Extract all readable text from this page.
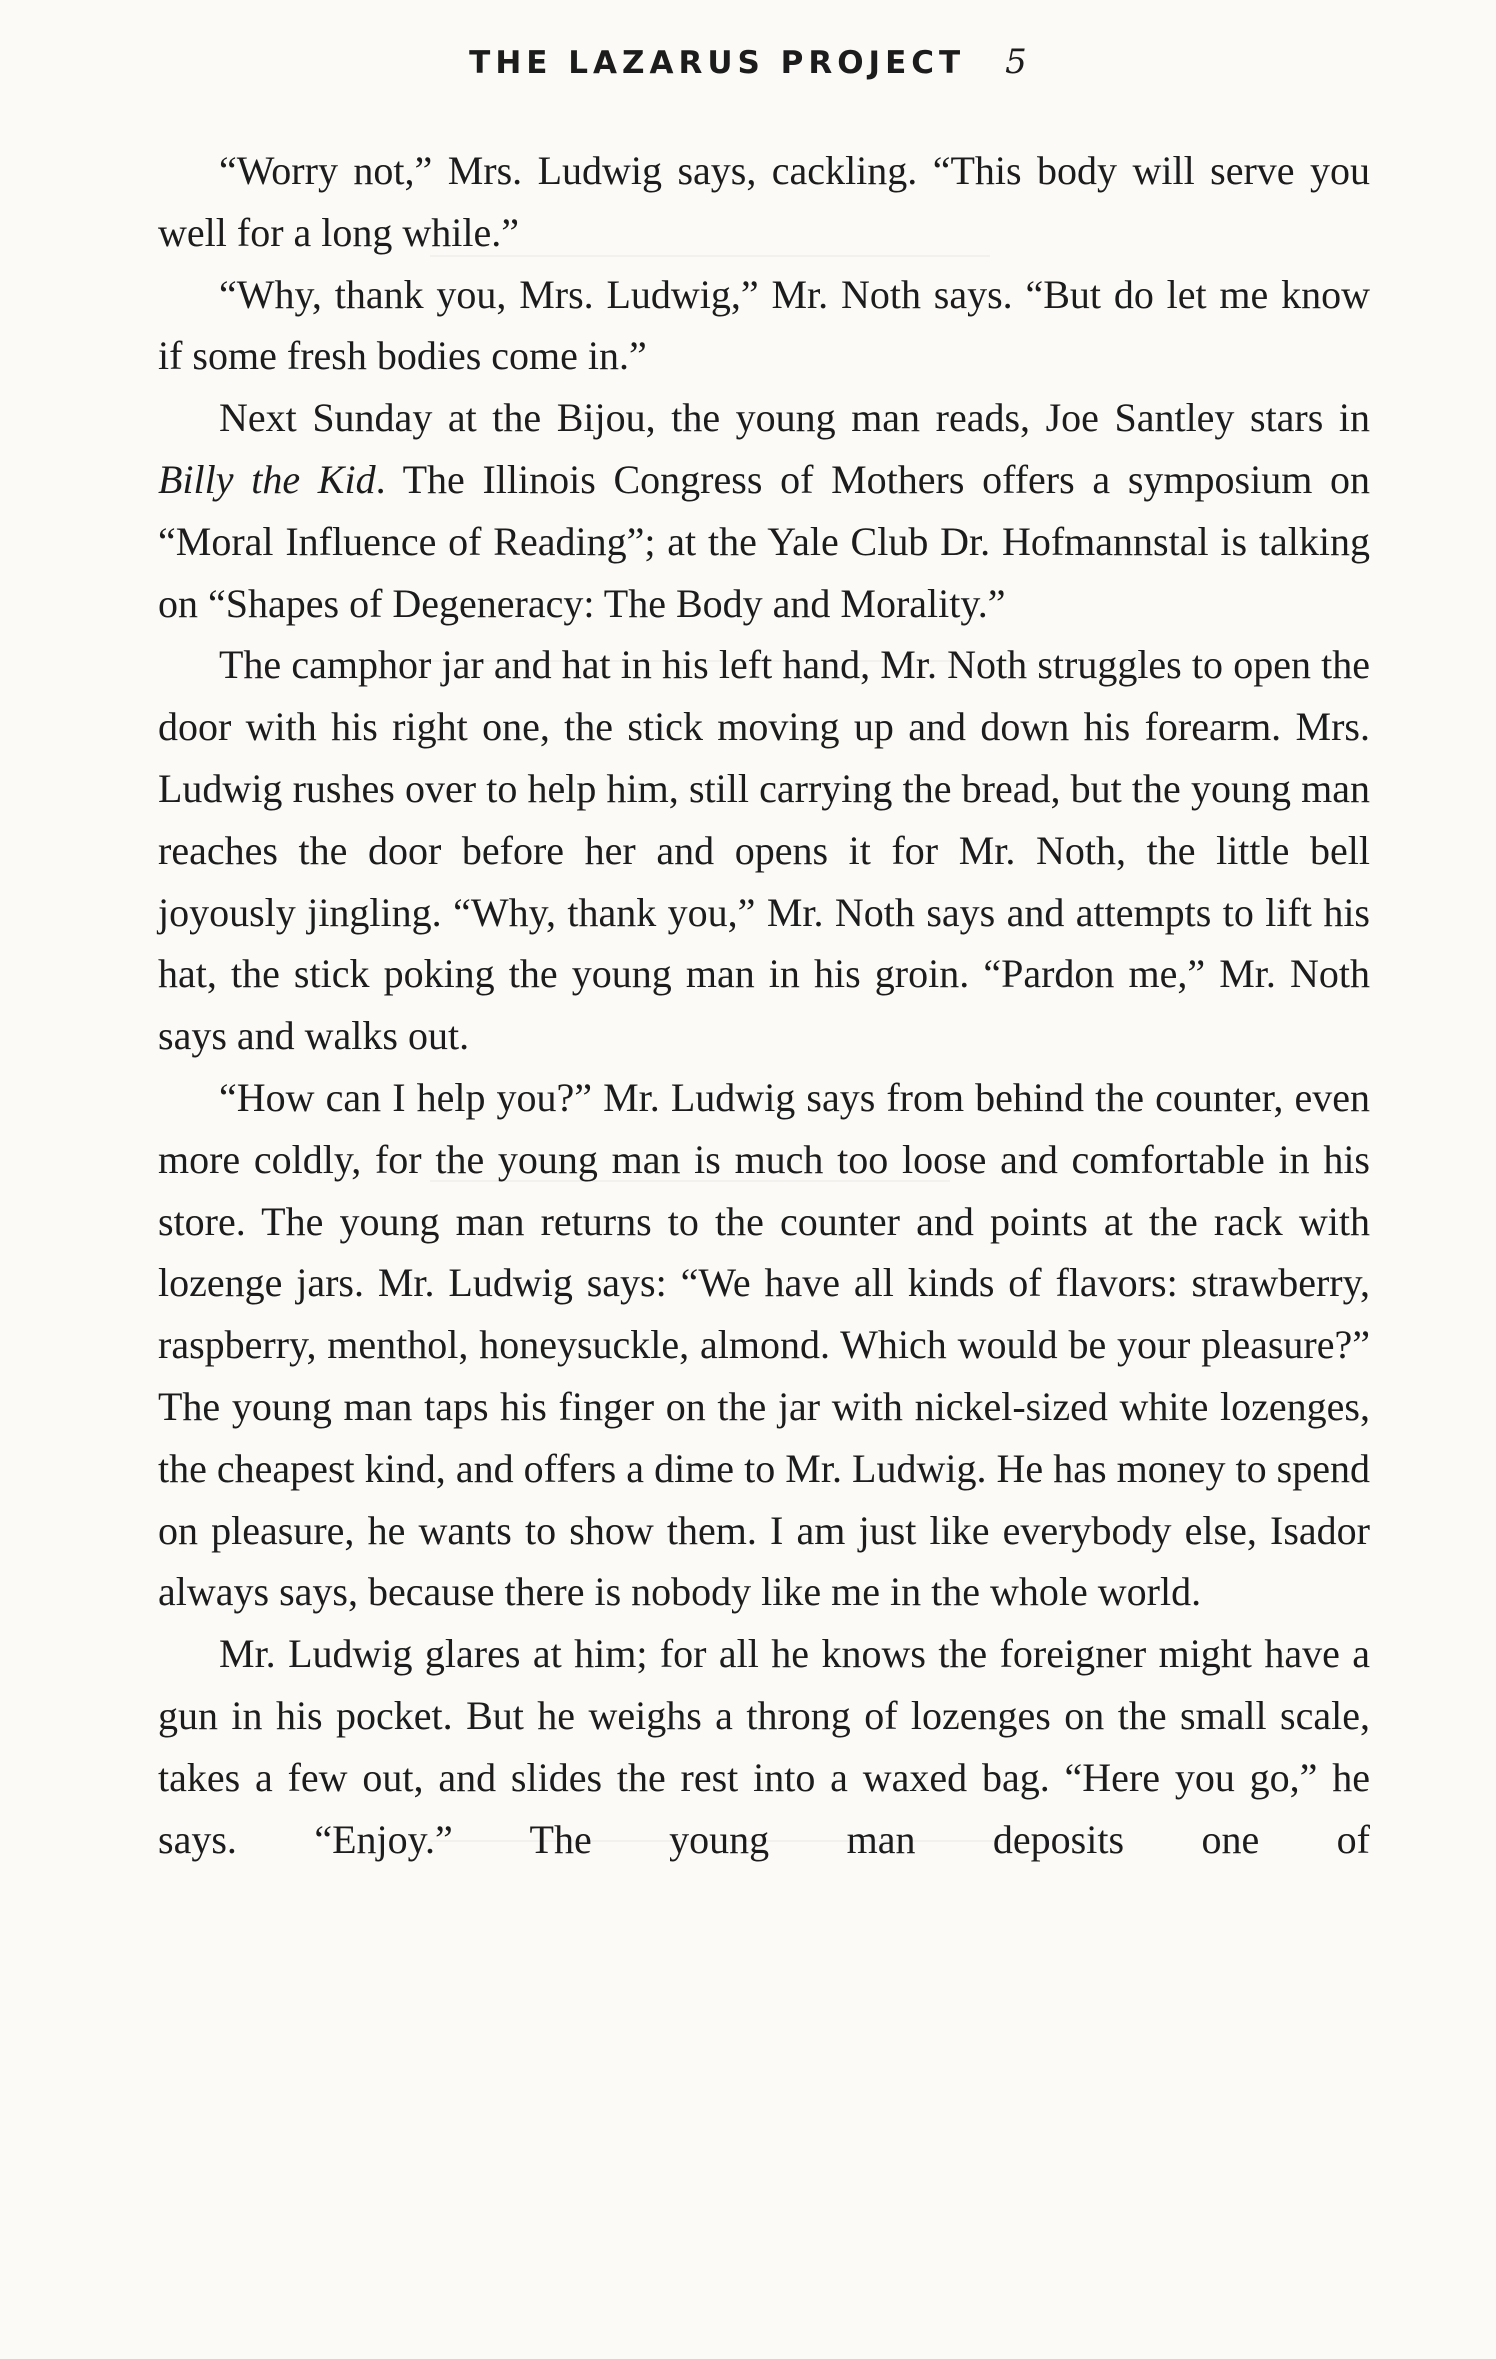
THE LAZARUS PROJECT 5

“Worry not,” Mrs. Ludwig says, cackling. “This body will serve you well for a long while.”

“Why, thank you, Mrs. Ludwig,” Mr. Noth says. “But do let me know if some fresh bodies come in.”

Next Sunday at the Bijou, the young man reads, Joe Santley stars in Billy the Kid. The Illinois Congress of Mothers offers a symposium on “Moral Influence of Reading”; at the Yale Club Dr. Hofmannstal is talking on “Shapes of Degeneracy: The Body and Morality.”

The camphor jar and hat in his left hand, Mr. Noth struggles to open the door with his right one, the stick moving up and down his forearm. Mrs. Ludwig rushes over to help him, still carrying the bread, but the young man reaches the door before her and opens it for Mr. Noth, the little bell joyously jingling. “Why, thank you,” Mr. Noth says and attempts to lift his hat, the stick poking the young man in his groin. “Pardon me,” Mr. Noth says and walks out.

“How can I help you?” Mr. Ludwig says from behind the counter, even more coldly, for the young man is much too loose and comfortable in his store. The young man returns to the counter and points at the rack with lozenge jars. Mr. Ludwig says: “We have all kinds of flavors: strawberry, raspberry, menthol, honeysuckle, almond. Which would be your pleasure?” The young man taps his finger on the jar with nickel-sized white lozenges, the cheapest kind, and offers a dime to Mr. Ludwig. He has money to spend on pleasure, he wants to show them. I am just like everybody else, Isador always says, because there is nobody like me in the whole world.

Mr. Ludwig glares at him; for all he knows the foreigner might have a gun in his pocket. But he weighs a throng of lozenges on the small scale, takes a few out, and slides the rest into a waxed bag. “Here you go,” he says. “Enjoy.” The young man deposits one of
